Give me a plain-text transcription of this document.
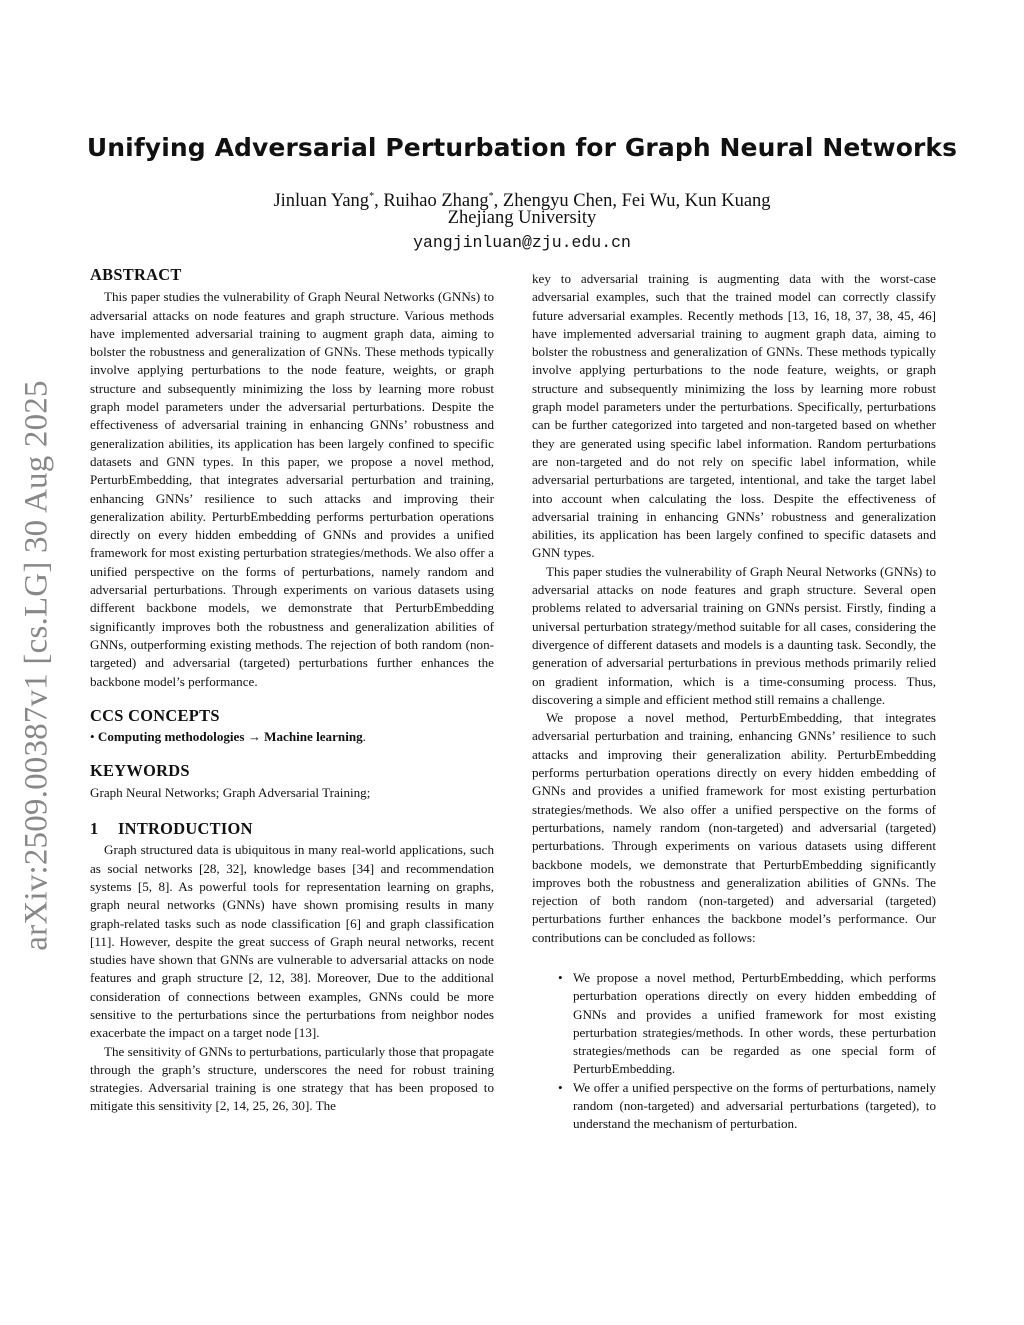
arXiv:2509.00387v1 [cs.LG] 30 Aug 2025
Unifying Adversarial Perturbation for Graph Neural Networks
Jinluan Yang*, Ruihao Zhang*, Zhengyu Chen, Fei Wu, Kun Kuang
Zhejiang University
yangjinluan@zju.edu.cn
ABSTRACT

This paper studies the vulnerability of Graph Neural Networks (GNNs) to adversarial attacks on node features and graph structure. Various methods have implemented adversarial training to augment graph data, aiming to bolster the robustness and generalization of GNNs. These methods typically involve applying perturbations to the node feature, weights, or graph structure and subsequently minimizing the loss by learning more robust graph model parameters under the adversarial perturbations. Despite the effectiveness of adversarial training in enhancing GNNs’ robustness and generalization abilities, its application has been largely confined to specific datasets and GNN types. In this paper, we propose a novel method, PerturbEmbedding, that integrates adversarial perturbation and training, enhancing GNNs’ resilience to such attacks and improving their generalization ability. PerturbEmbedding performs perturbation operations directly on every hidden embedding of GNNs and provides a unified framework for most existing perturbation strategies/methods. We also offer a unified perspective on the forms of perturbations, namely random and adversarial perturbations. Through experiments on various datasets using different backbone models, we demonstrate that PerturbEmbedding significantly improves both the robustness and generalization abilities of GNNs, outperforming existing methods. The rejection of both random (non-targeted) and adversarial (targeted) perturbations further enhances the backbone model’s performance.

CCS CONCEPTS

• Computing methodologies → Machine learning.

KEYWORDS

Graph Neural Networks; Graph Adversarial Training;

1 INTRODUCTION

Graph structured data is ubiquitous in many real-world applications, such as social networks [28, 32], knowledge bases [34] and recommendation systems [5, 8]. As powerful tools for representation learning on graphs, graph neural networks (GNNs) have shown promising results in many graph-related tasks such as node classification [6] and graph classification [11]. However, despite the great success of Graph neural networks, recent studies have shown that GNNs are vulnerable to adversarial attacks on node features and graph structure [2, 12, 38]. Moreover, Due to the additional consideration of connections between examples, GNNs could be more sensitive to the perturbations since the perturbations from neighbor nodes exacerbate the impact on a target node [13].

The sensitivity of GNNs to perturbations, particularly those that propagate through the graph’s structure, underscores the need for robust training strategies. Adversarial training is one strategy that has been proposed to mitigate this sensitivity [2, 14, 25, 26, 30]. The

key to adversarial training is augmenting data with the worst-case adversarial examples, such that the trained model can correctly classify future adversarial examples. Recently methods [13, 16, 18, 37, 38, 45, 46] have implemented adversarial training to augment graph data, aiming to bolster the robustness and generalization of GNNs. These methods typically involve applying perturbations to the node feature, weights, or graph structure and subsequently minimizing the loss by learning more robust graph model parameters under the perturbations. Specifically, perturbations can be further categorized into targeted and non-targeted based on whether they are generated using specific label information. Random perturbations are non-targeted and do not rely on specific label information, while adversarial perturbations are targeted, intentional, and take the target label into account when calculating the loss. Despite the effectiveness of adversarial training in enhancing GNNs’ robustness and generalization abilities, its application has been largely confined to specific datasets and GNN types.

This paper studies the vulnerability of Graph Neural Networks (GNNs) to adversarial attacks on node features and graph structure. Several open problems related to adversarial training on GNNs persist. Firstly, finding a universal perturbation strategy/method suitable for all cases, considering the divergence of different datasets and models is a daunting task. Secondly, the generation of adversarial perturbations in previous methods primarily relied on gradient information, which is a time-consuming process. Thus, discovering a simple and efficient method still remains a challenge.

We propose a novel method, PerturbEmbedding, that integrates adversarial perturbation and training, enhancing GNNs’ resilience to such attacks and improving their generalization ability. PerturbEmbedding performs perturbation operations directly on every hidden embedding of GNNs and provides a unified framework for most existing perturbation strategies/methods. We also offer a unified perspective on the forms of perturbations, namely random (non-targeted) and adversarial (targeted) perturbations. Through experiments on various datasets using different backbone models, we demonstrate that PerturbEmbedding significantly improves both the robustness and generalization abilities of GNNs. The rejection of both random (non-targeted) and adversarial (targeted) perturbations further enhances the backbone model’s performance. Our contributions can be concluded as follows:

• We propose a novel method, PerturbEmbedding, which performs perturbation operations directly on every hidden embedding of GNNs and provides a unified framework for most existing perturbation strategies/methods. In other words, these perturbation strategies/methods can be regarded as one special form of PerturbEmbedding.
• We offer a unified perspective on the forms of perturbations, namely random (non-targeted) and adversarial perturbations (targeted), to understand the mechanism of perturbation.
